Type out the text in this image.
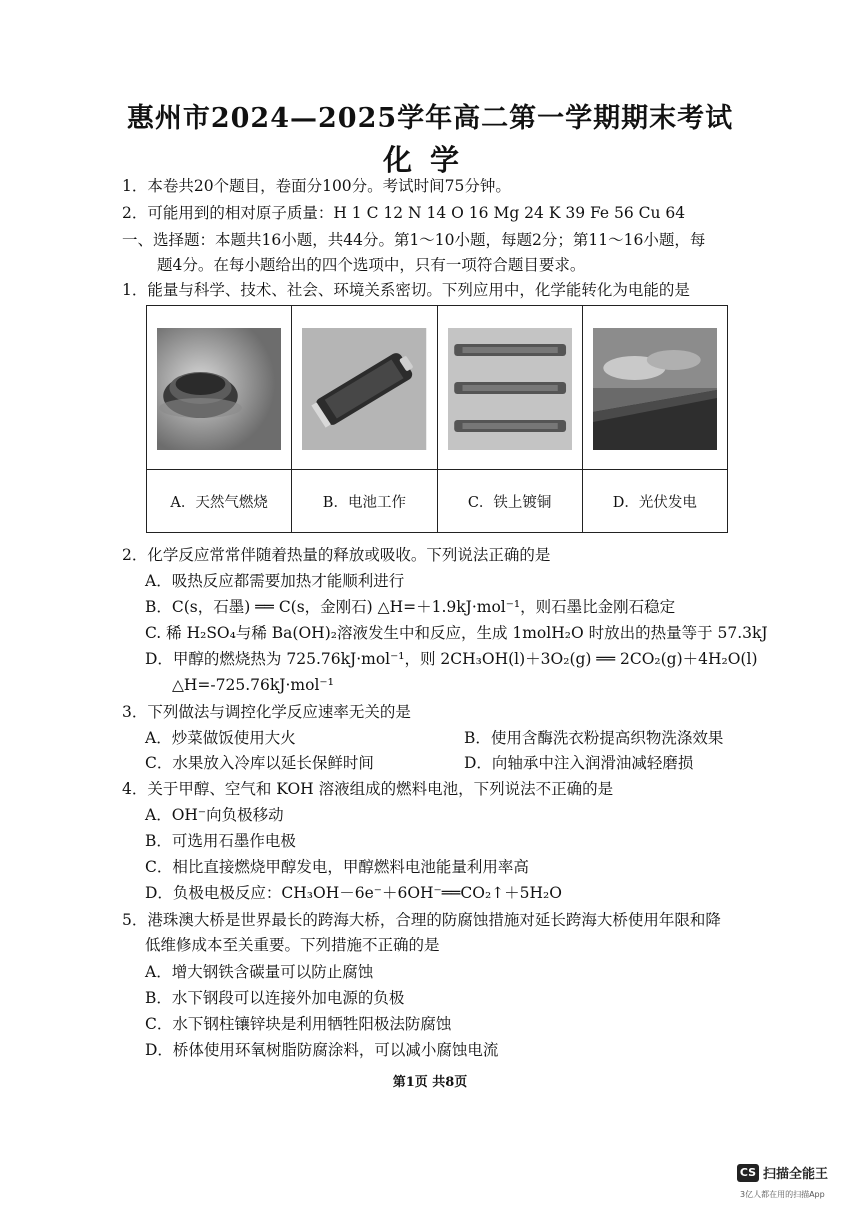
惠州市2024—2025学年高二第一学期期末考试
化学
1．本卷共20个题目，卷面分100分。考试时间75分钟。
2．可能用到的相对原子质量：H 1 C 12 N 14 O 16 Mg 24 K 39 Fe 56 Cu 64
一、选择题：本题共16小题，共44分。第1～10小题，每题2分；第11～16小题，每
题4分。在每小题给出的四个选项中，只有一项符合题目要求。
1．能量与科学、技术、社会、环境关系密切。下列应用中，化学能转化为电能的是
A．天然气燃烧	B．电池工作	C．铁上镀铜	D．光伏发电
2．化学反应常常伴随着热量的释放或吸收。下列说法正确的是
A．吸热反应都需要加热才能顺利进行
B．C(s，石墨) ══ C(s，金刚石) △H=＋1.9kJ·mol⁻¹，则石墨比金刚石稳定
C. 稀 H₂SO₄与稀 Ba(OH)₂溶液发生中和反应，生成 1molH₂O 时放出的热量等于 57.3kJ
D．甲醇的燃烧热为 725.76kJ·mol⁻¹，则 2CH₃OH(l)＋3O₂(g) ══ 2CO₂(g)＋4H₂O(l)
△H=-725.76kJ·mol⁻¹
3．下列做法与调控化学反应速率无关的是
A．炒菜做饭使用大火	B．使用含酶洗衣粉提高织物洗涤效果
C．水果放入冷库以延长保鲜时间	D．向轴承中注入润滑油减轻磨损
4．关于甲醇、空气和 KOH 溶液组成的燃料电池，下列说法不正确的是
A．OH⁻向负极移动
B．可选用石墨作电极
C．相比直接燃烧甲醇发电，甲醇燃料电池能量利用率高
D．负极电极反应：CH₃OH－6e⁻＋6OH⁻══CO₂↑＋5H₂O
5．港珠澳大桥是世界最长的跨海大桥，合理的防腐蚀措施对延长跨海大桥使用年限和降
低维修成本至关重要。下列措施不正确的是
A．增大钢铁含碳量可以防止腐蚀
B．水下钢段可以连接外加电源的负极
C．水下钢柱镶锌块是利用牺牲阳极法防腐蚀
D．桥体使用环氧树脂防腐涂料，可以减小腐蚀电流
第1页 共8页
CS 扫描全能王
3亿人都在用的扫描App
